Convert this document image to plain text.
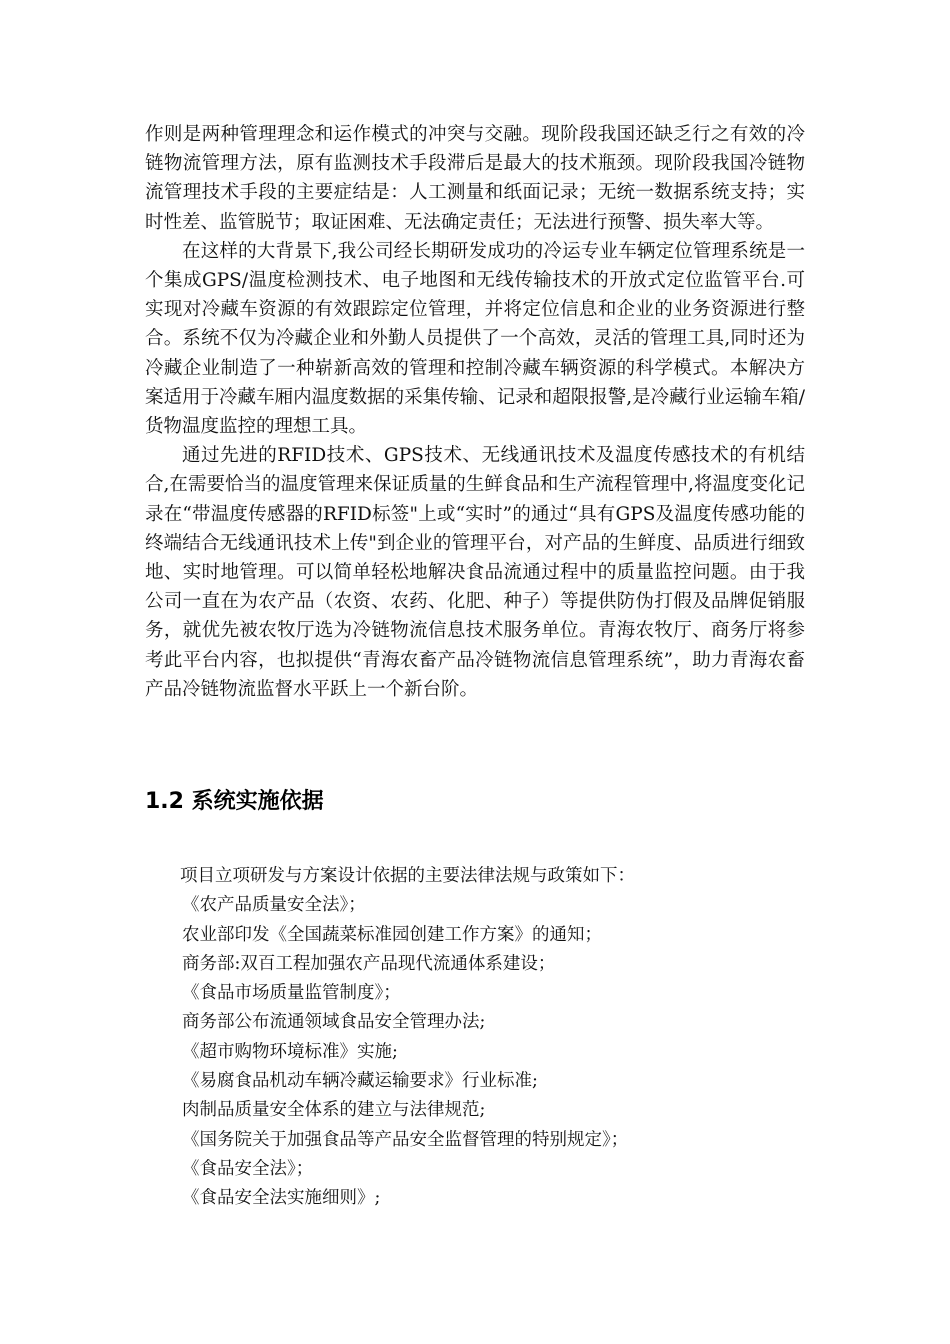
作则是两种管理理念和运作模式的冲突与交融。现阶段我国还缺乏行之有效的冷链物流管理方法，原有监测技术手段滞后是最大的技术瓶颈。现阶段我国冷链物流管理技术手段的主要症结是：人工测量和纸面记录；无统一数据系统支持；实时性差、监管脱节；取证困难、无法确定责任；无法进行预警、损失率大等。

在这样的大背景下,我公司经长期研发成功的冷运专业车辆定位管理系统是一个集成GPS/温度检测技术、电子地图和无线传输技术的开放式定位监管平台.可实现对冷藏车资源的有效跟踪定位管理，并将定位信息和企业的业务资源进行整合。系统不仅为冷藏企业和外勤人员提供了一个高效，灵活的管理工具,同时还为冷藏企业制造了一种崭新高效的管理和控制冷藏车辆资源的科学模式。本解决方案适用于冷藏车厢内温度数据的采集传输、记录和超限报警,是冷藏行业运输车箱/货物温度监控的理想工具。

通过先进的RFID技术、GPS技术、无线通讯技术及温度传感技术的有机结合,在需要恰当的温度管理来保证质量的生鲜食品和生产流程管理中,将温度变化记录在“带温度传感器的RFID标签"上或“实时”的通过“具有GPS及温度传感功能的终端结合无线通讯技术上传"到企业的管理平台，对产品的生鲜度、品质进行细致地、实时地管理。可以简单轻松地解决食品流通过程中的质量监控问题。由于我公司一直在为农产品（农资、农药、化肥、种子）等提供防伪打假及品牌促销服务，就优先被农牧厅选为冷链物流信息技术服务单位。青海农牧厅、商务厅将参考此平台内容，也拟提供“青海农畜产品冷链物流信息管理系统”，助力青海农畜产品冷链物流监督水平跃上一个新台阶。

1.2 系统实施依据

项目立项研发与方案设计依据的主要法律法规与政策如下：

《农产品质量安全法》；
农业部印发《全国蔬菜标准园创建工作方案》的通知；
商务部:双百工程加强农产品现代流通体系建设；
《食品市场质量监管制度》；
商务部公布流通领域食品安全管理办法;
《超市购物环境标准》实施;
《易腐食品机动车辆冷藏运输要求》行业标准;
肉制品质量安全体系的建立与法律规范;
《国务院关于加强食品等产品安全监督管理的特别规定》；
《食品安全法》；
《食品安全法实施细则》;
